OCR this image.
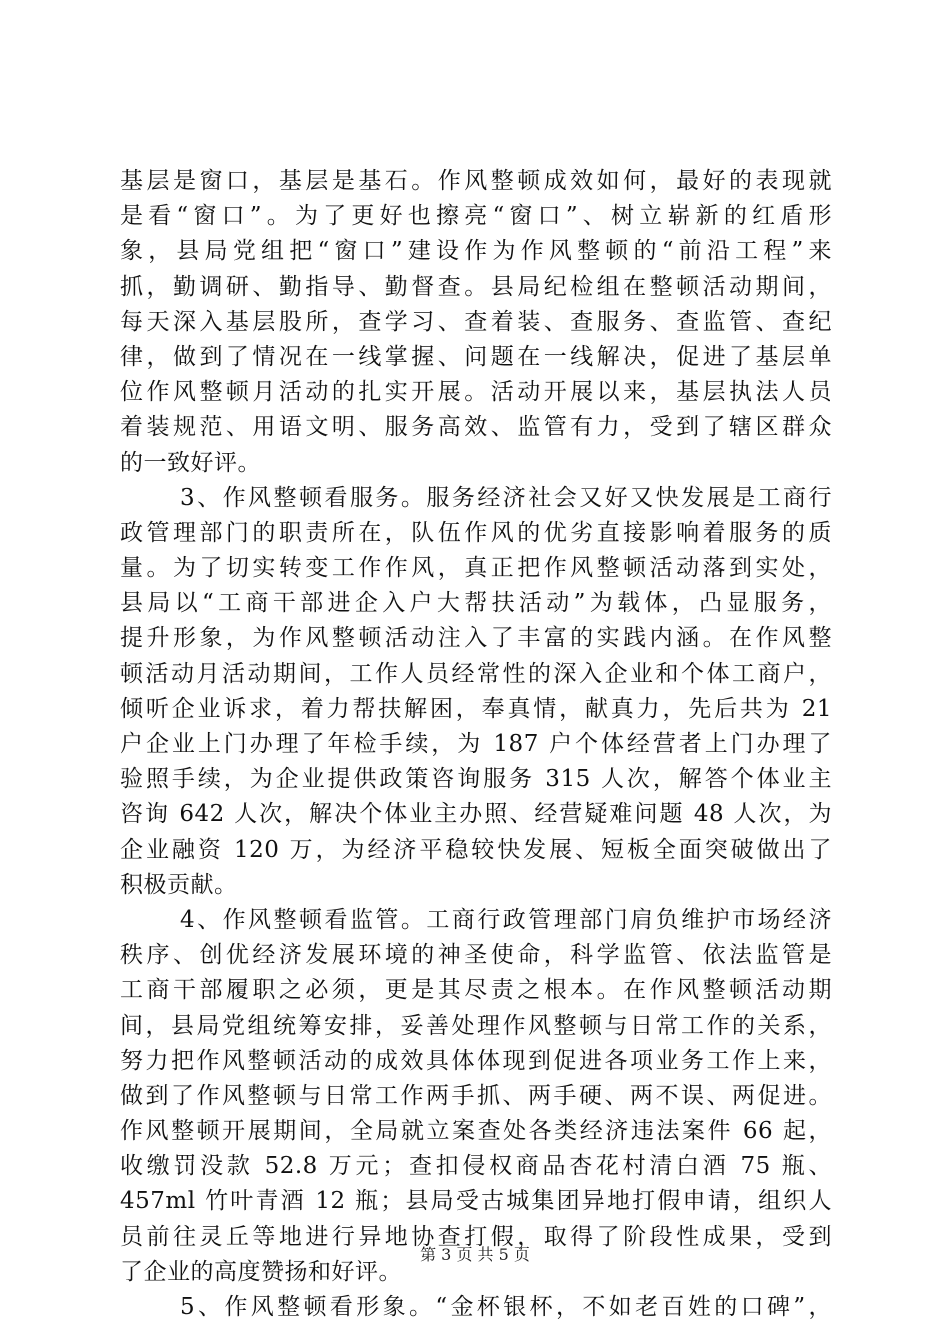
基层是窗口，基层是基石。作风整顿成效如何，最好的表现就
是看“窗口”。为了更好也擦亮“窗口”、树立崭新的红盾形
象，县局党组把“窗口”建设作为作风整顿的“前沿工程”来
抓，勤调研、勤指导、勤督查。县局纪检组在整顿活动期间，
每天深入基层股所，查学习、查着装、查服务、查监管、查纪
律，做到了情况在一线掌握、问题在一线解决，促进了基层单
位作风整顿月活动的扎实开展。活动开展以来，基层执法人员
着装规范、用语文明、服务高效、监管有力，受到了辖区群众
的一致好评。
3、作风整顿看服务。服务经济社会又好又快发展是工商行
政管理部门的职责所在，队伍作风的优劣直接影响着服务的质
量。为了切实转变工作作风，真正把作风整顿活动落到实处，
县局以“工商干部进企入户大帮扶活动”为载体，凸显服务，
提升形象，为作风整顿活动注入了丰富的实践内涵。在作风整
顿活动月活动期间，工作人员经常性的深入企业和个体工商户，
倾听企业诉求，着力帮扶解困，奉真情，献真力，先后共为 21
户企业上门办理了年检手续，为 187 户个体经营者上门办理了
验照手续，为企业提供政策咨询服务 315 人次，解答个体业主
咨询 642 人次，解决个体业主办照、经营疑难问题 48 人次，为
企业融资 120 万，为经济平稳较快发展、短板全面突破做出了
积极贡献。
4、作风整顿看监管。工商行政管理部门肩负维护市场经济
秩序、创优经济发展环境的神圣使命，科学监管、依法监管是
工商干部履职之必须，更是其尽责之根本。在作风整顿活动期
间，县局党组统筹安排，妥善处理作风整顿与日常工作的关系，
努力把作风整顿活动的成效具体体现到促进各项业务工作上来，
做到了作风整顿与日常工作两手抓、两手硬、两不误、两促进。
作风整顿开展期间，全局就立案查处各类经济违法案件 66 起，
收缴罚没款 52.8 万元；查扣侵权商品杏花村清白酒 75 瓶、
457ml 竹叶青酒 12 瓶；县局受古城集团异地打假申请，组织人
员前往灵丘等地进行异地协查打假，取得了阶段性成果，受到
了企业的高度赞扬和好评。
5、作风整顿看形象。“金杯银杯，不如老百姓的口碑”，
第 3 页 共 5 页
